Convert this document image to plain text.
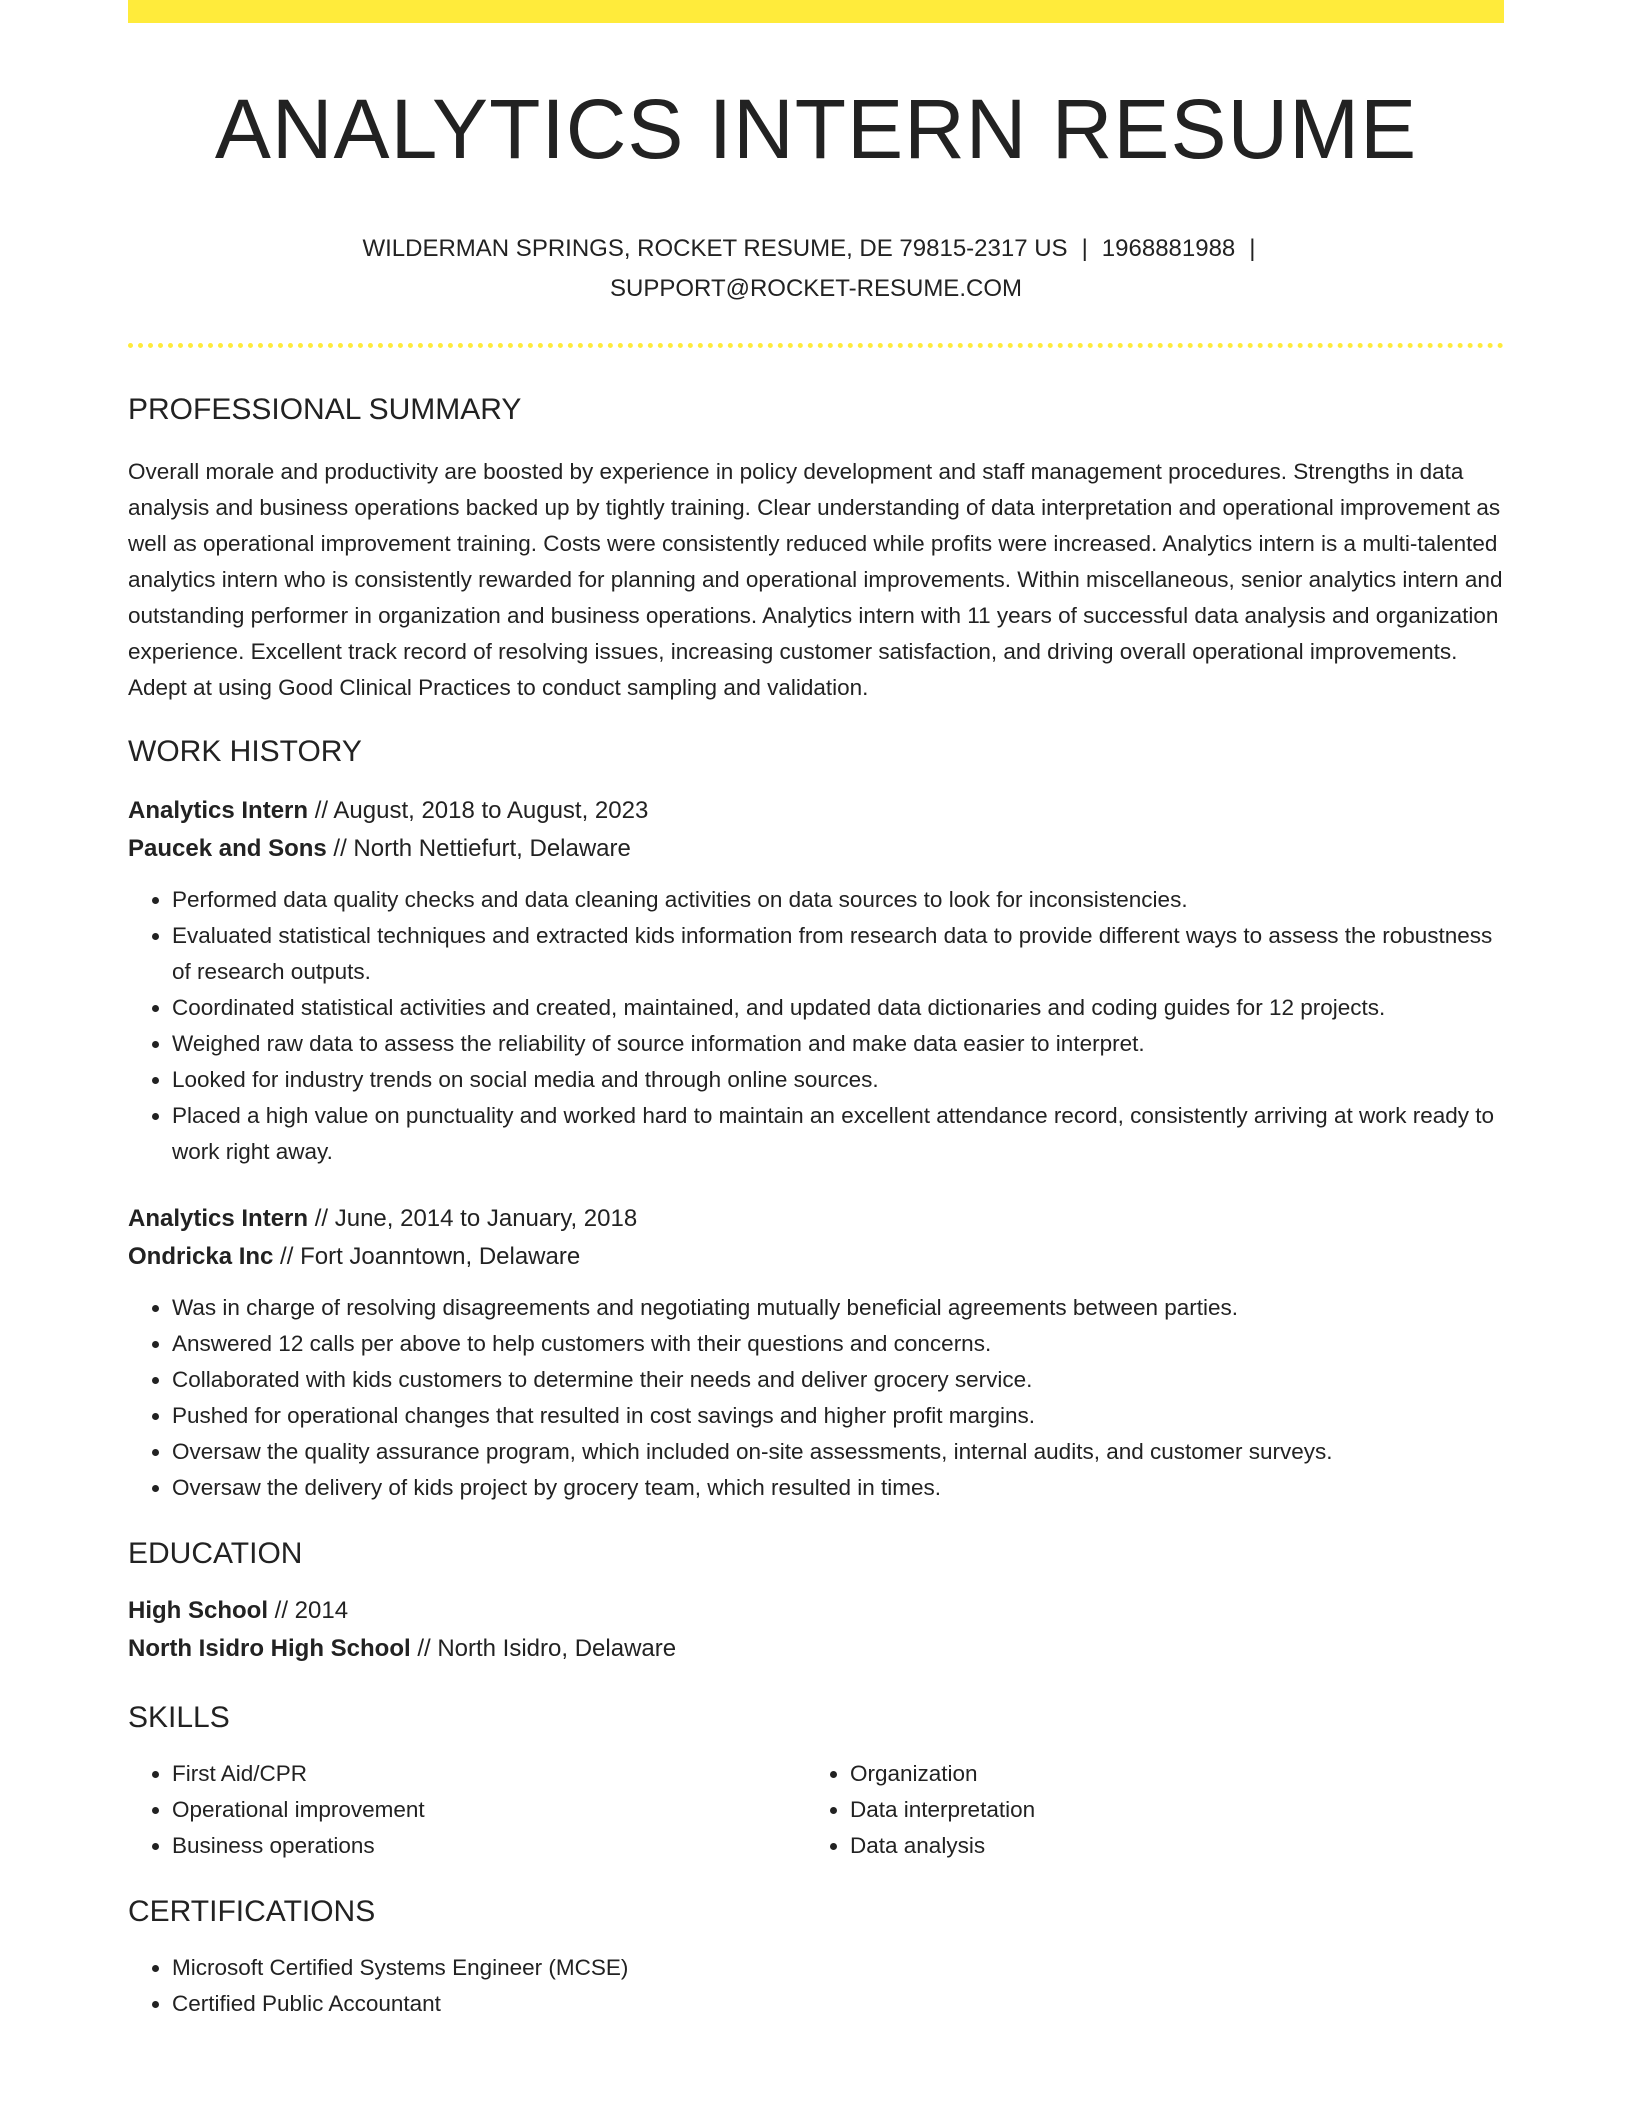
ANALYTICS INTERN RESUME
WILDERMAN SPRINGS, ROCKET RESUME, DE 79815-2317 US | 1968881988 |
SUPPORT@ROCKET-RESUME.COM
PROFESSIONAL SUMMARY

Overall morale and productivity are boosted by experience in policy development and staff management procedures. Strengths in data analysis and business operations backed up by tightly training. Clear understanding of data interpretation and operational improvement as well as operational improvement training. Costs were consistently reduced while profits were increased. Analytics intern is a multi-talented analytics intern who is consistently rewarded for planning and operational improvements. Within miscellaneous, senior analytics intern and outstanding performer in organization and business operations. Analytics intern with 11 years of successful data analysis and organization experience. Excellent track record of resolving issues, increasing customer satisfaction, and driving overall operational improvements. Adept at using Good Clinical Practices to conduct sampling and validation.

WORK HISTORY
Analytics Intern // August, 2018 to August, 2023
Paucek and Sons // North Nettiefurt, Delaware
• Performed data quality checks and data cleaning activities on data sources to look for inconsistencies.
• Evaluated statistical techniques and extracted kids information from research data to provide different ways to assess the robustness of research outputs.
• Coordinated statistical activities and created, maintained, and updated data dictionaries and coding guides for 12 projects.
• Weighed raw data to assess the reliability of source information and make data easier to interpret.
• Looked for industry trends on social media and through online sources.
• Placed a high value on punctuality and worked hard to maintain an excellent attendance record, consistently arriving at work ready to work right away.
Analytics Intern // June, 2014 to January, 2018
Ondricka Inc // Fort Joanntown, Delaware
• Was in charge of resolving disagreements and negotiating mutually beneficial agreements between parties.
• Answered 12 calls per above to help customers with their questions and concerns.
• Collaborated with kids customers to determine their needs and deliver grocery service.
• Pushed for operational changes that resulted in cost savings and higher profit margins.
• Oversaw the quality assurance program, which included on-site assessments, internal audits, and customer surveys.
• Oversaw the delivery of kids project by grocery team, which resulted in times.
EDUCATION
High School // 2014
North Isidro High School // North Isidro, Delaware
SKILLS
• First Aid/CPR
• Operational improvement
• Business operations
• Organization
• Data interpretation
• Data analysis
CERTIFICATIONS
• Microsoft Certified Systems Engineer (MCSE)
• Certified Public Accountant
